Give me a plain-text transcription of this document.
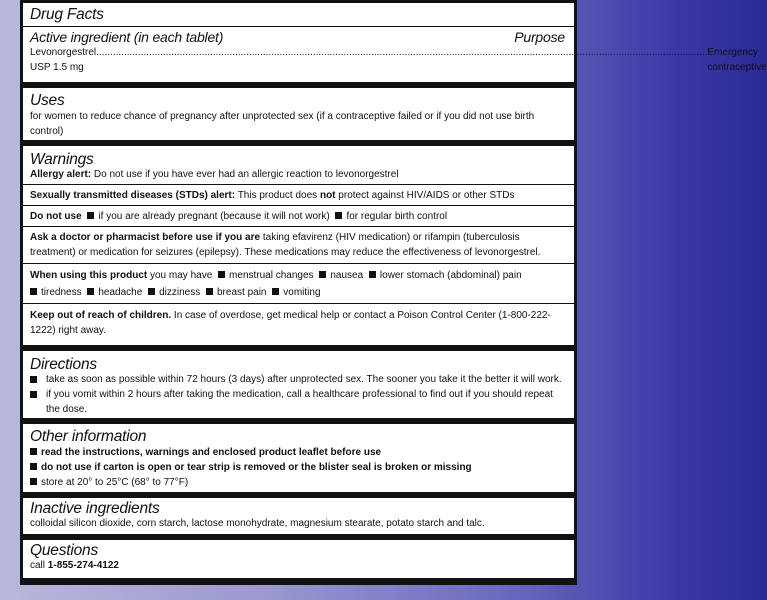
Drug Facts
Active ingredient (in each tablet)	Purpose
Levonorgestrel USP 1.5 mg
............................................................................................................................................................................................................................ Emergency contraceptive
Uses
for women to reduce chance of pregnancy after unprotected sex (if a contraceptive failed or if you did not use birth control)
Warnings
Allergy alert: Do not use if you have ever had an allergic reaction to levonorgestrel
Sexually transmitted diseases (STDs) alert: This product does not protect against HIV/AIDS or other STDs
Do not use if you are already pregnant (because it will not work) for regular birth control
Ask a doctor or pharmacist before use if you are taking efavirenz (HIV medication) or rifampin (tuberculosis treatment) or medication for seizures (epilepsy). These medications may reduce the effectiveness of levonorgestrel.
When using this product you may have menstrual changes nausea lower stomach (abdominal) pain
tiredness headache dizziness breast pain vomiting
Keep out of reach of children. In case of overdose, get medical help or contact a Poison Control Center (1-800-222-1222) right away.
Directions
take as soon as possible within 72 hours (3 days) after unprotected sex. The sooner you take it the better it will work.
if you vomit within 2 hours after taking the medication, call a healthcare professional to find out if you should repeat the dose.
Other information
read the instructions, warnings and enclosed product leaflet before use
do not use if carton is open or tear strip is removed or the blister seal is broken or missing
store at 20° to 25°C (68° to 77°F)
Inactive ingredients
colloidal silicon dioxide, corn starch, lactose monohydrate, magnesium stearate, potato starch and talc.
Questions
call 1-855-274-4122
